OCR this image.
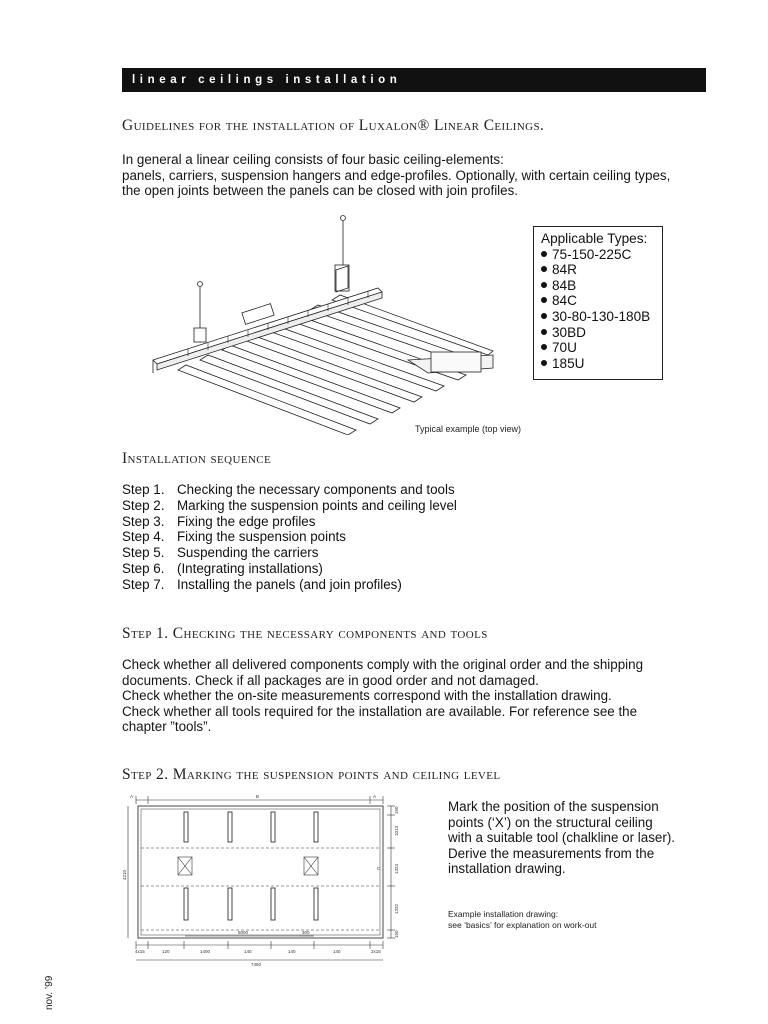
linear ceilings installation
Guidelines for the installation of Luxalon® Linear Ceilings.

In general a linear ceiling consists of four basic ceiling-elements:

panels, carriers, suspension hangers and edge-profiles. Optionally, with certain ceiling types,

the open joints between the panels can be closed with join profiles.

Applicable Types:
75-150-225C
84R
84B
84C
30-80-130-180B
30BD
70U
185U
Typical example (top view)
Installation sequence
Step 1. Checking the necessary components and tools
Step 2. Marking the suspension points and ceiling level
Step 3. Fixing the edge profiles
Step 4. Fixing the suspension points
Step 5. Suspending the carriers
Step 6. (Integrating installations)
Step 7. Installing the panels (and join profiles)
Step 1. Checking the necessary components and tools

Check whether all delivered components comply with the original order and the shipping

documents. Check if all packages are in good order and not damaged.

Check whether the on-site measurements correspond with the installation drawing.

Check whether all tools required for the installation are available. For reference see the

chapter ”tools”.

Step 2. Marking the suspension points and ceiling level
A	B	A
4x15	120	1400	140	140	140	2x15
7450
5000	300
4210
150
1013
1324
1332
150
C

Mark the position of the suspension

points (‘X’) on the structural ceiling

with a suitable tool (chalkline or laser).

Derive the measurements from the

installation drawing.

Example installation drawing:
see ‘basics’ for explanation on work-out
nov. ’99
